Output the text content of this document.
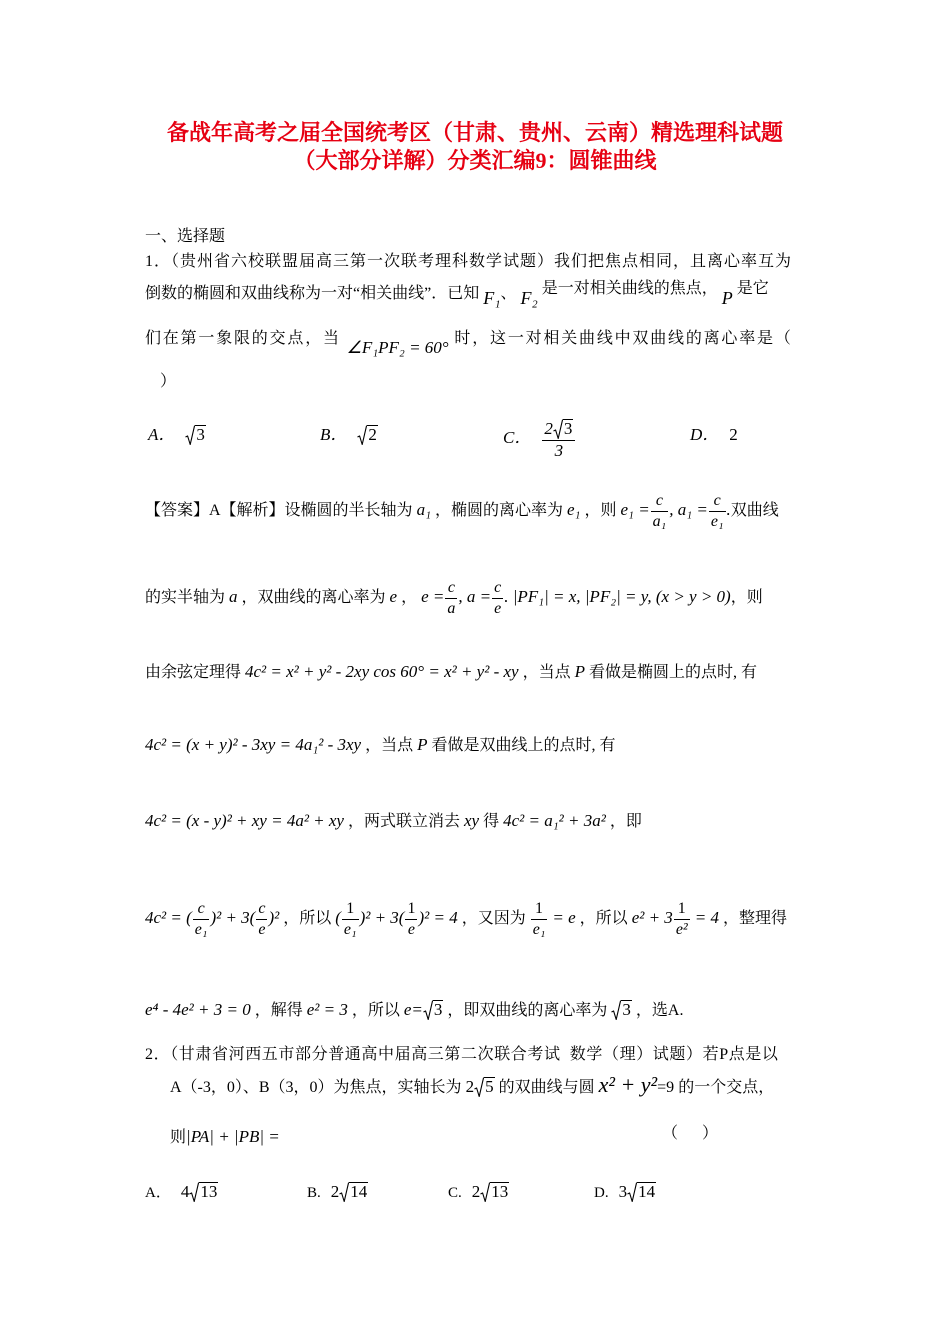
备战年高考之届全国统考区（甘肃、贵州、云南）精选理科试题
（大部分详解）分类汇编9：圆锥曲线
一、选择题
1．（贵州省六校联盟届高三第一次联考理科数学试题）我们把焦点相同，且离心率互为
倒数的椭圆和双曲线称为一对“相关曲线”．已知 F₁、 F₂ 是一对相关曲线的焦点， P 是它
们在第一象限的交点，当 ∠F₁PF₂ = 60° 时，这一对相关曲线中双曲线的离心率是（
）
A． 3	B． 2	C． $\frac{2 3}{3}$	D． 2
【答案】A【解析】设椭圆的半长轴为 a₁ ，椭圆的离心率为 e₁ ，则 $e_1 = \frac{c}{\text{a₁}}$ , $a_1 = \frac{c}{\text{e₁}}$ .双曲线
的实半轴为 a ，双曲线的离心率为 e ， $e = \frac{c}{a}$ , $a = \frac{c}{e}$ . |PF₁| = x, |PF₂| = y, (x > y > 0)，则
由余弦定理得 4c² = x² + y² - 2xy cos 60° = x² + y² - xy ，当点 P 看做是椭圆上的点时, 有
4c² = (x + y)² - 3xy = 4a₁² - 3xy ，当点 P 看做是双曲线上的点时, 有
4c² = (x - y)² + xy = 4a² + xy ，两式联立消去 xy 得 4c² = a₁² + 3a² ，即
4c² = ( $\frac{c}{\text{e₁}} )^2 + 3( \frac{c}{e} )^2$ ，所以 ( $\frac{1}{\text{e₁}} )^2 + 3( \frac{1}{e} )^2 = 4$ ，又因为 $\frac{1}{\text{e₁}} = e$ ，所以 $e^2 + 3 \frac{1}{\text{e²}} = 4$ ，整理得
e⁴ - 4e² + 3 = 0 ，解得 e² = 3 ，所以 e= 3 ，即双曲线的离心率为 3 ，选A.
2．（甘肃省河西五市部分普通高中届高三第二次联合考试  数学（理）试题）若P点是以
A（-3，0）、B（3，0）为焦点，实轴长为 2 5 的双曲线与圆 x² + y²=9 的一个交点，
则|PA| + |PB| =	（      ）
A． 4 13	B. 2 14	C. 2 13	D. 3 14
